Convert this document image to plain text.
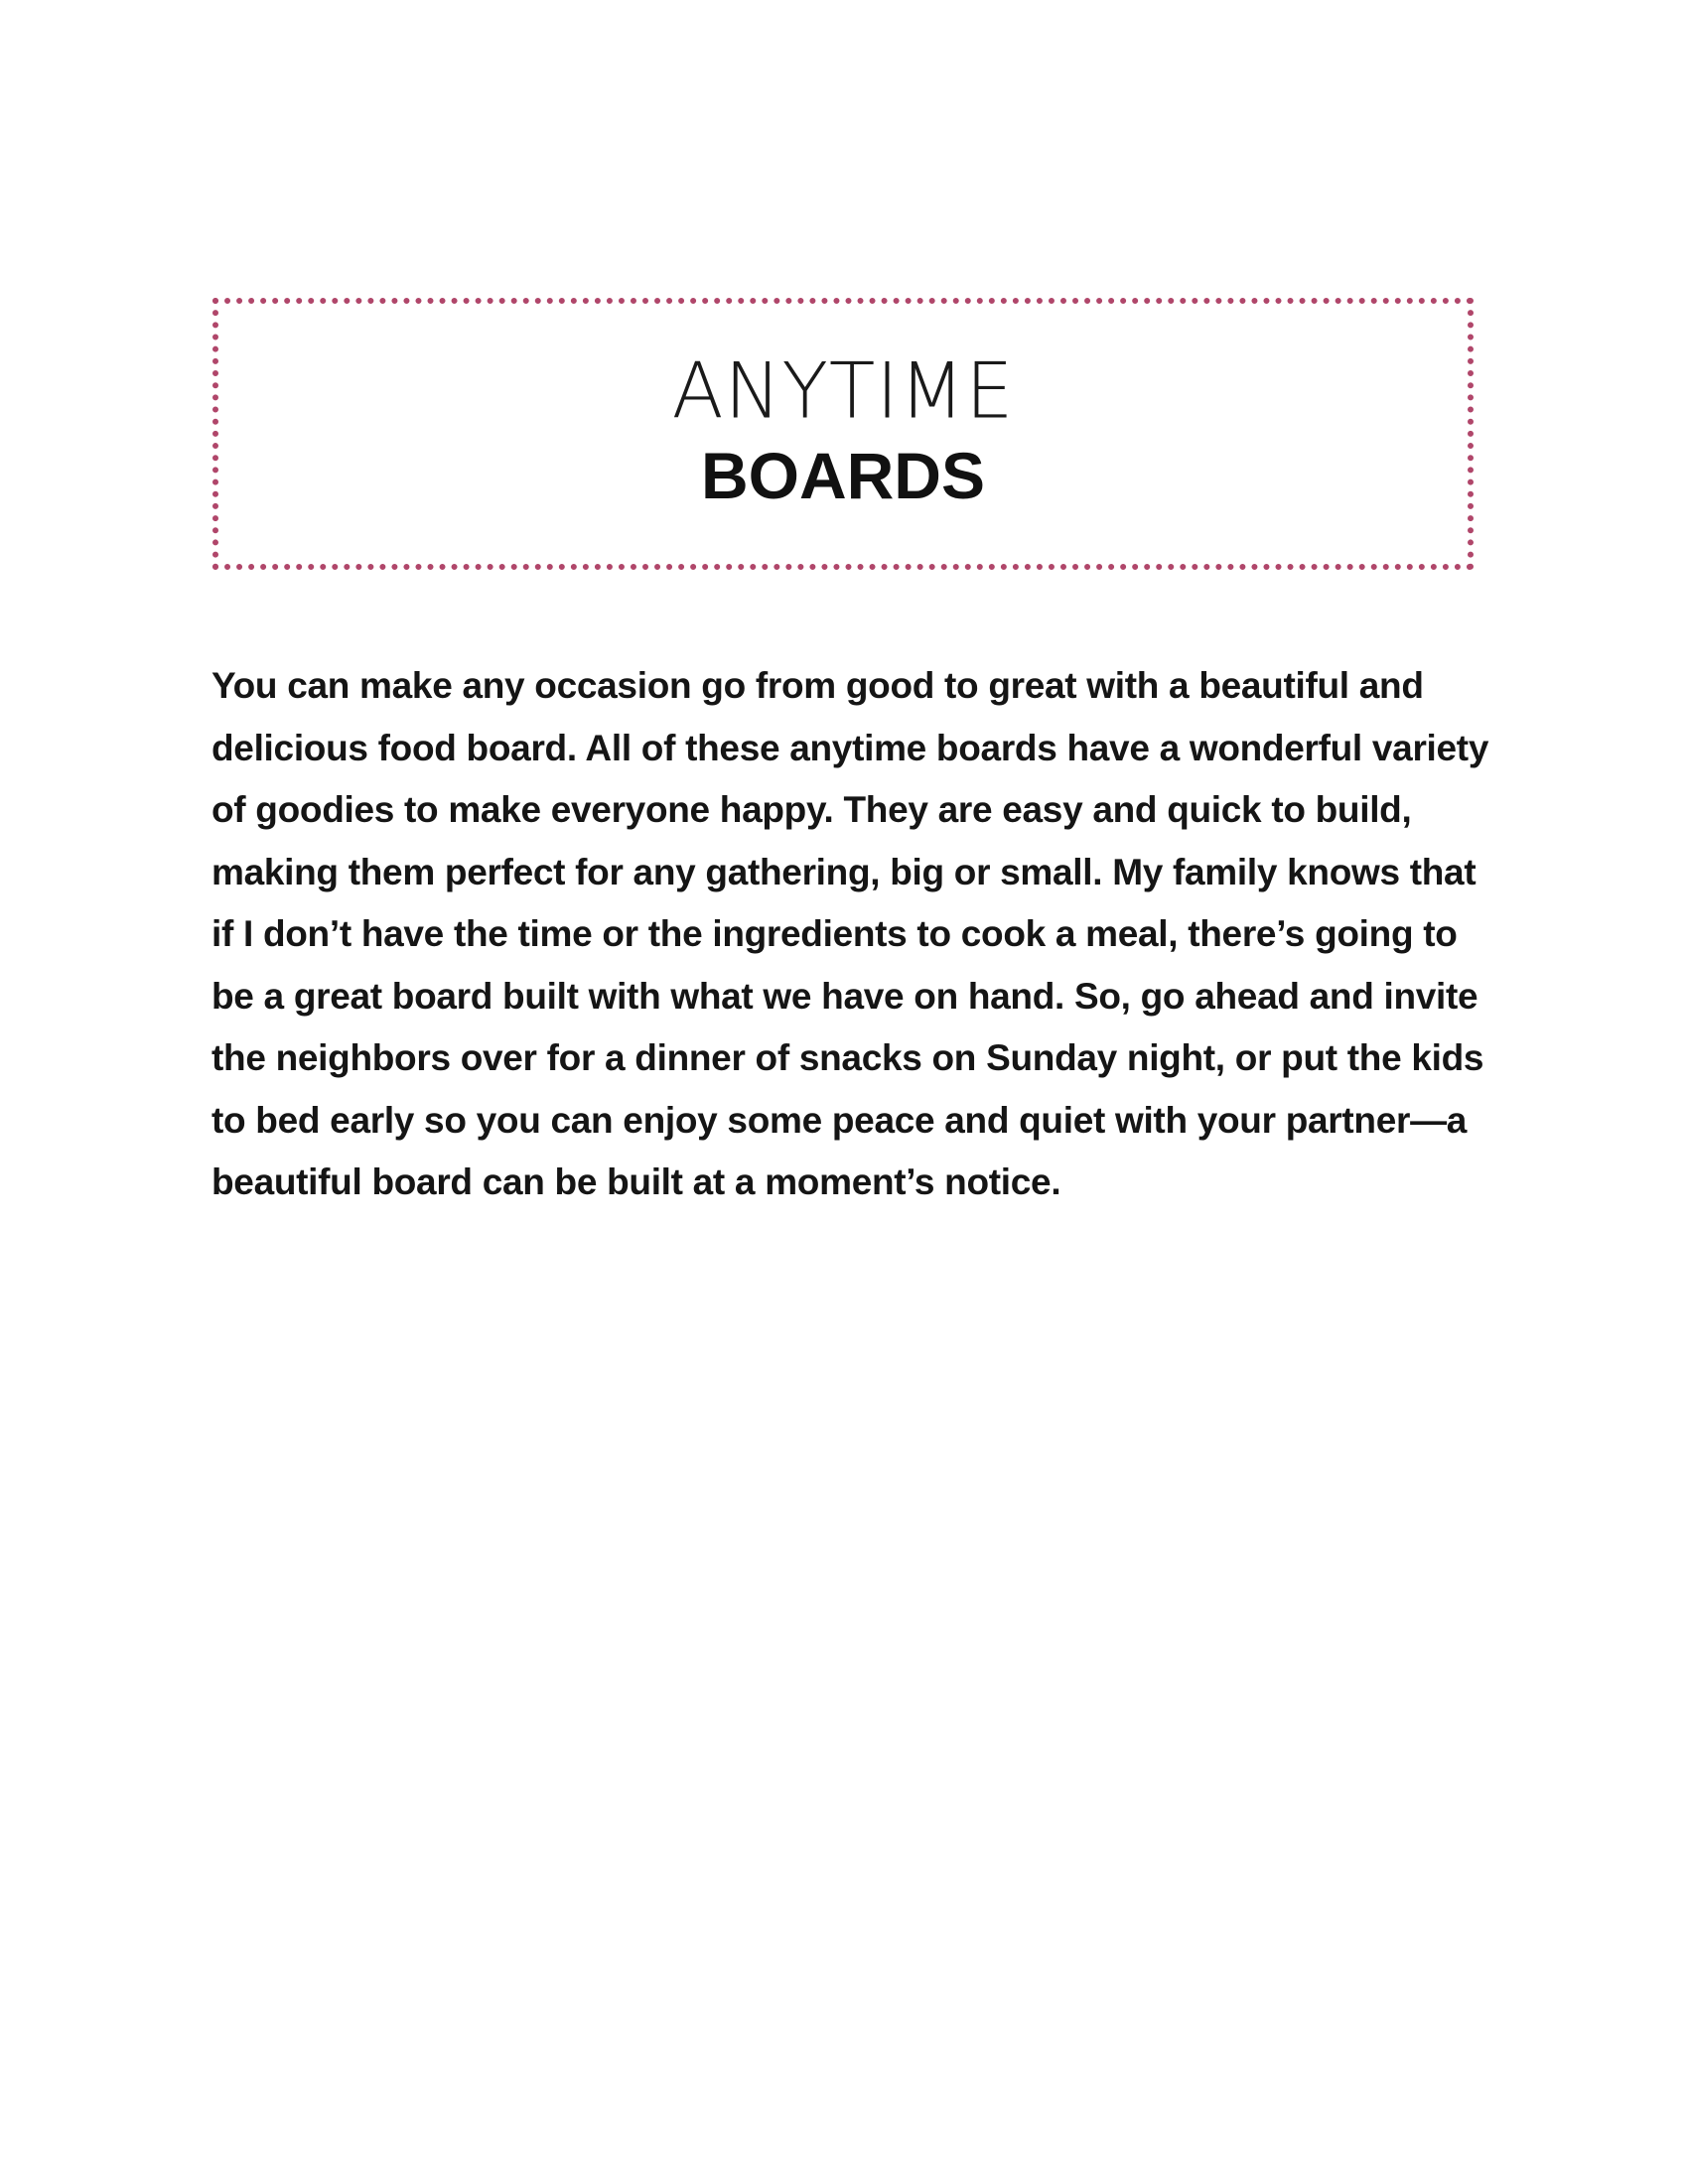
ANYTIME
BOARDS

You can make any occasion go from good to great with a beautiful and delicious food board. All of these anytime boards have a wonderful variety of goodies to make everyone happy. They are easy and quick to build, making them perfect for any gathering, big or small. My family knows that if I don’t have the time or the ingredients to cook a meal, there’s going to be a great board built with what we have on hand. So, go ahead and invite the neighbors over for a dinner of snacks on Sunday night, or put the kids to bed early so you can enjoy some peace and quiet with your partner—a beautiful board can be built at a moment’s notice.
